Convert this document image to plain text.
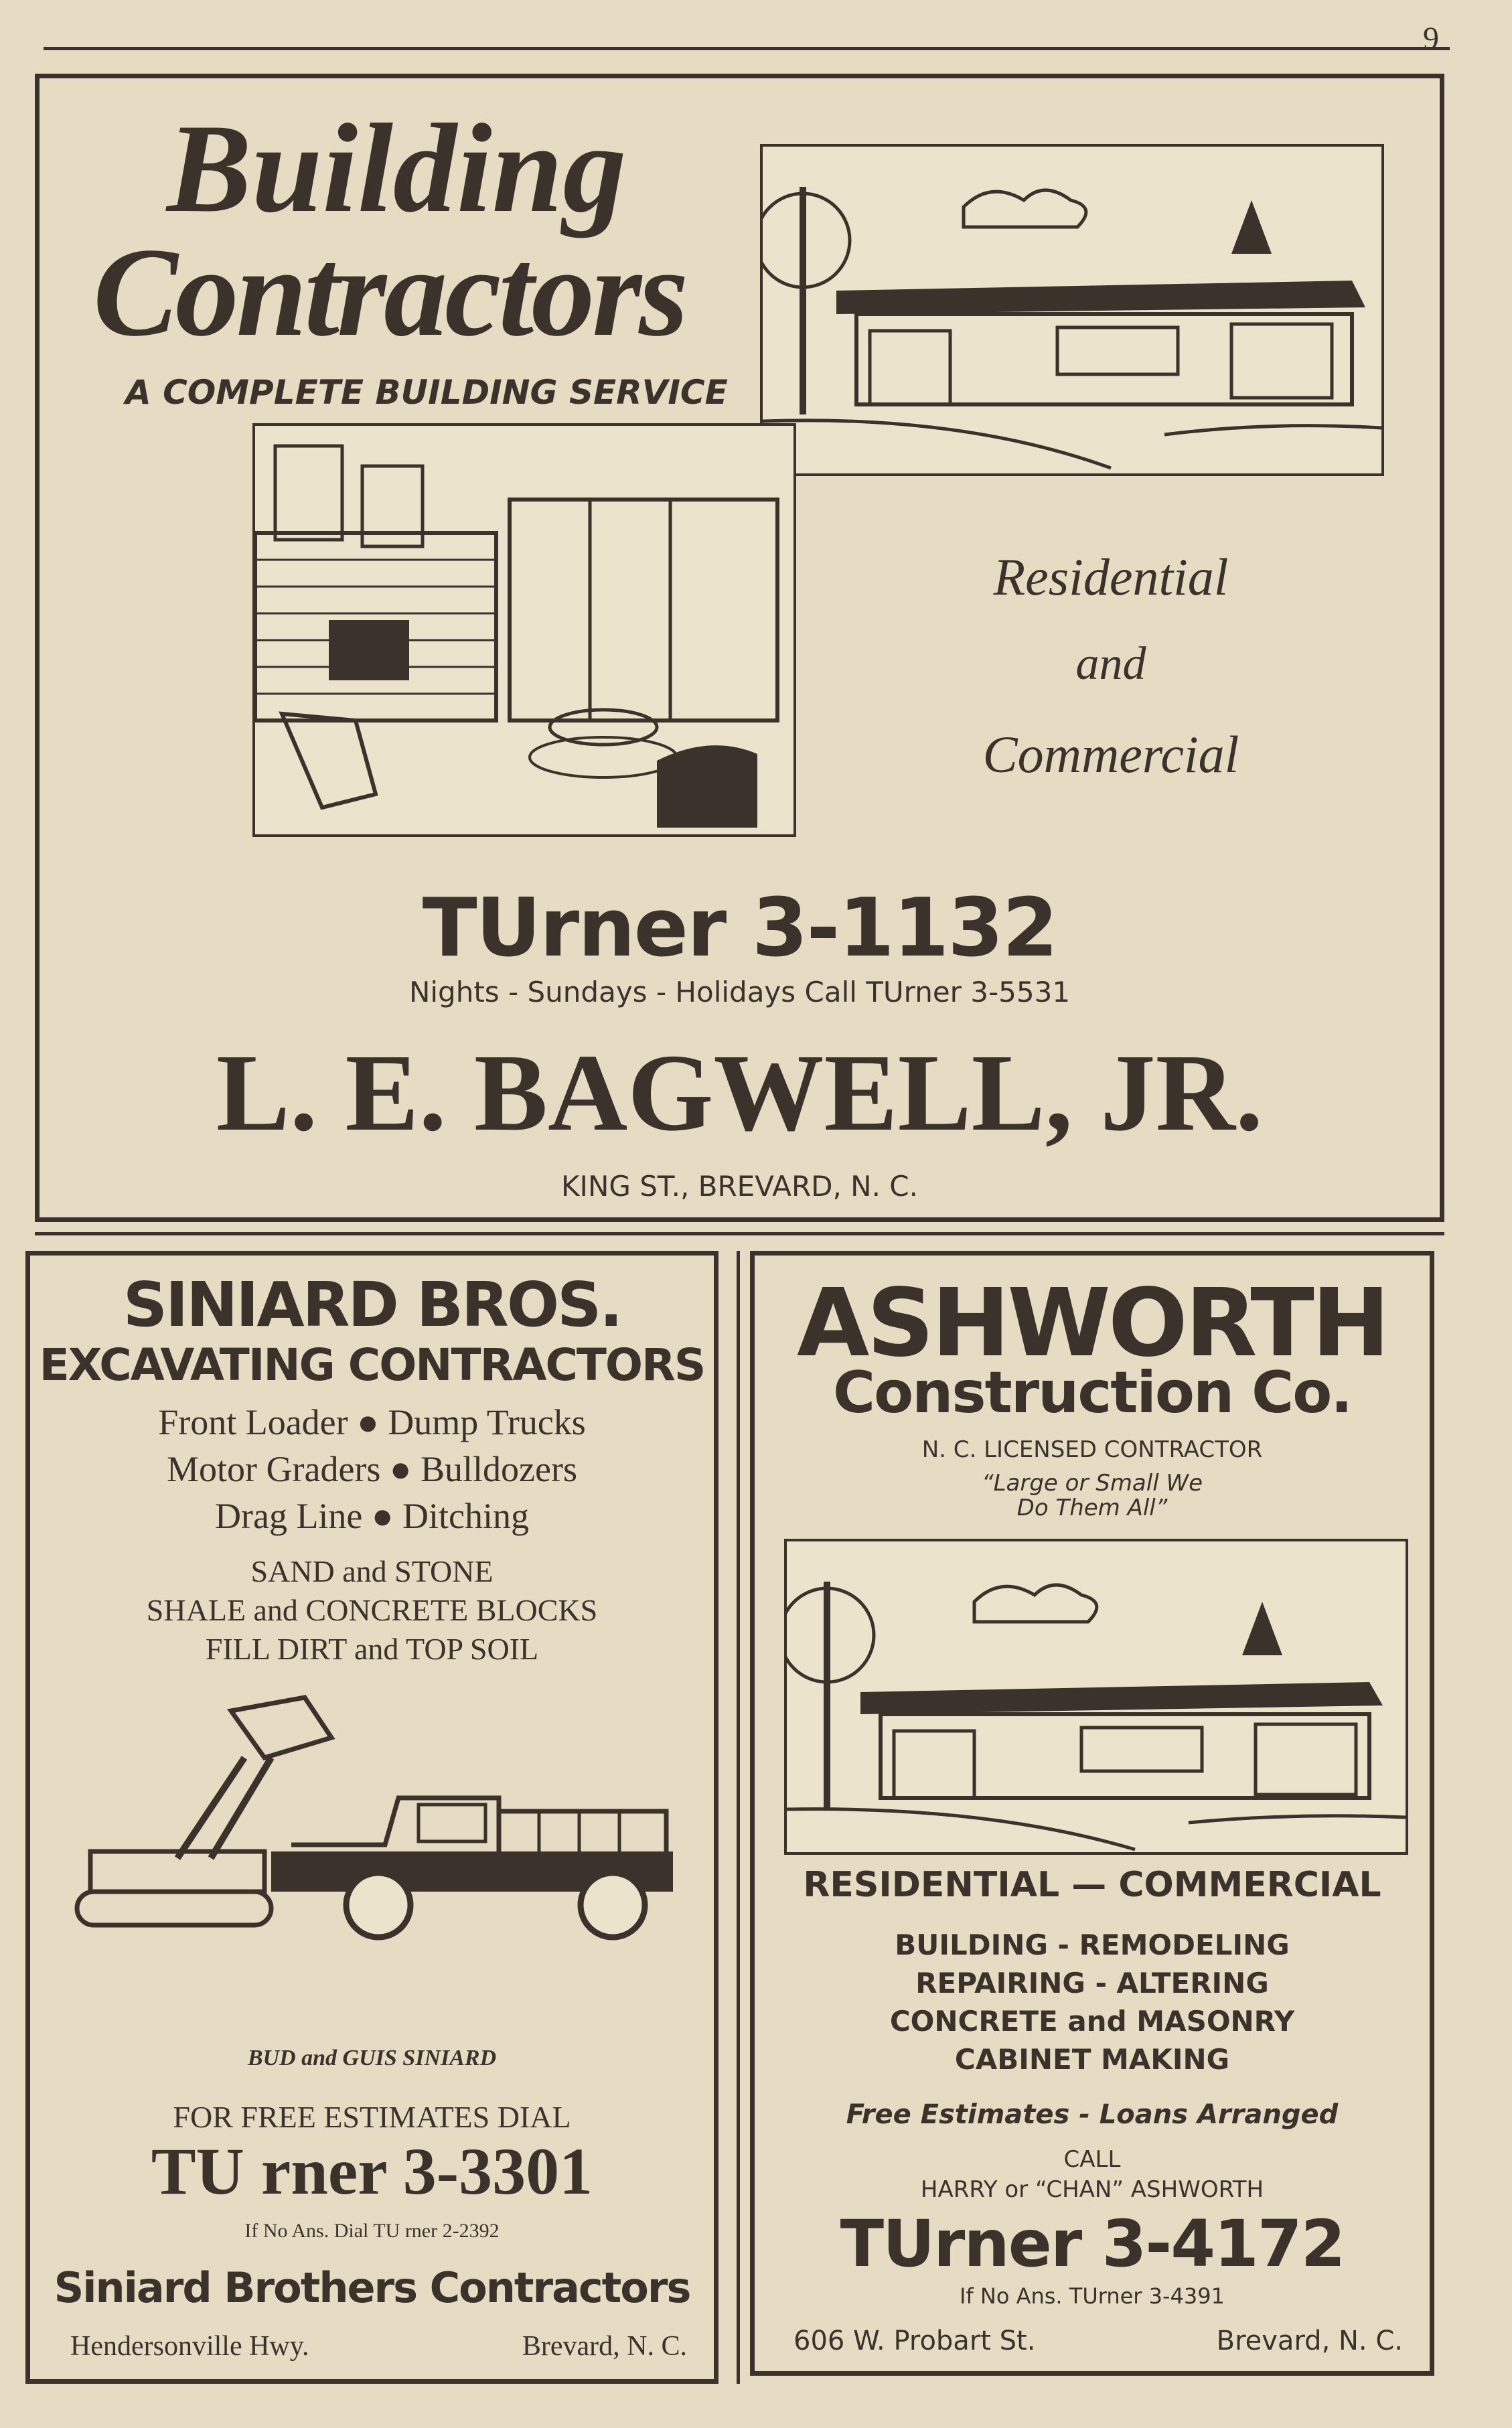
9
Building
Contractors
A COMPLETE BUILDING SERVICE
Residential
and
Commercial
TUrner 3-1132
Nights - Sundays - Holidays Call TUrner 3-5531
L. E. BAGWELL, JR.
KING ST., BREVARD, N. C.
SINIARD BROS.
EXCAVATING CONTRACTORS
Front Loader ● Dump Trucks
Motor Graders ● Bulldozers
Drag Line ● Ditching
SAND and STONE
SHALE and CONCRETE BLOCKS
FILL DIRT and TOP SOIL
BUD and GUIS SINIARD
FOR FREE ESTIMATES DIAL
TU rner 3-3301
If No Ans. Dial TU rner 2-2392
Siniard Brothers Contractors
Hendersonville Hwy.	Brevard, N. C.
ASHWORTH
Construction Co.
N. C. LICENSED CONTRACTOR
“Large or Small We
Do Them All”
RESIDENTIAL — COMMERCIAL
BUILDING - REMODELING
REPAIRING - ALTERING
CONCRETE and MASONRY
CABINET MAKING
Free Estimates - Loans Arranged
CALL
HARRY or “CHAN” ASHWORTH
TUrner 3-4172
If No Ans. TUrner 3-4391
606 W. Probart St.	Brevard, N. C.
